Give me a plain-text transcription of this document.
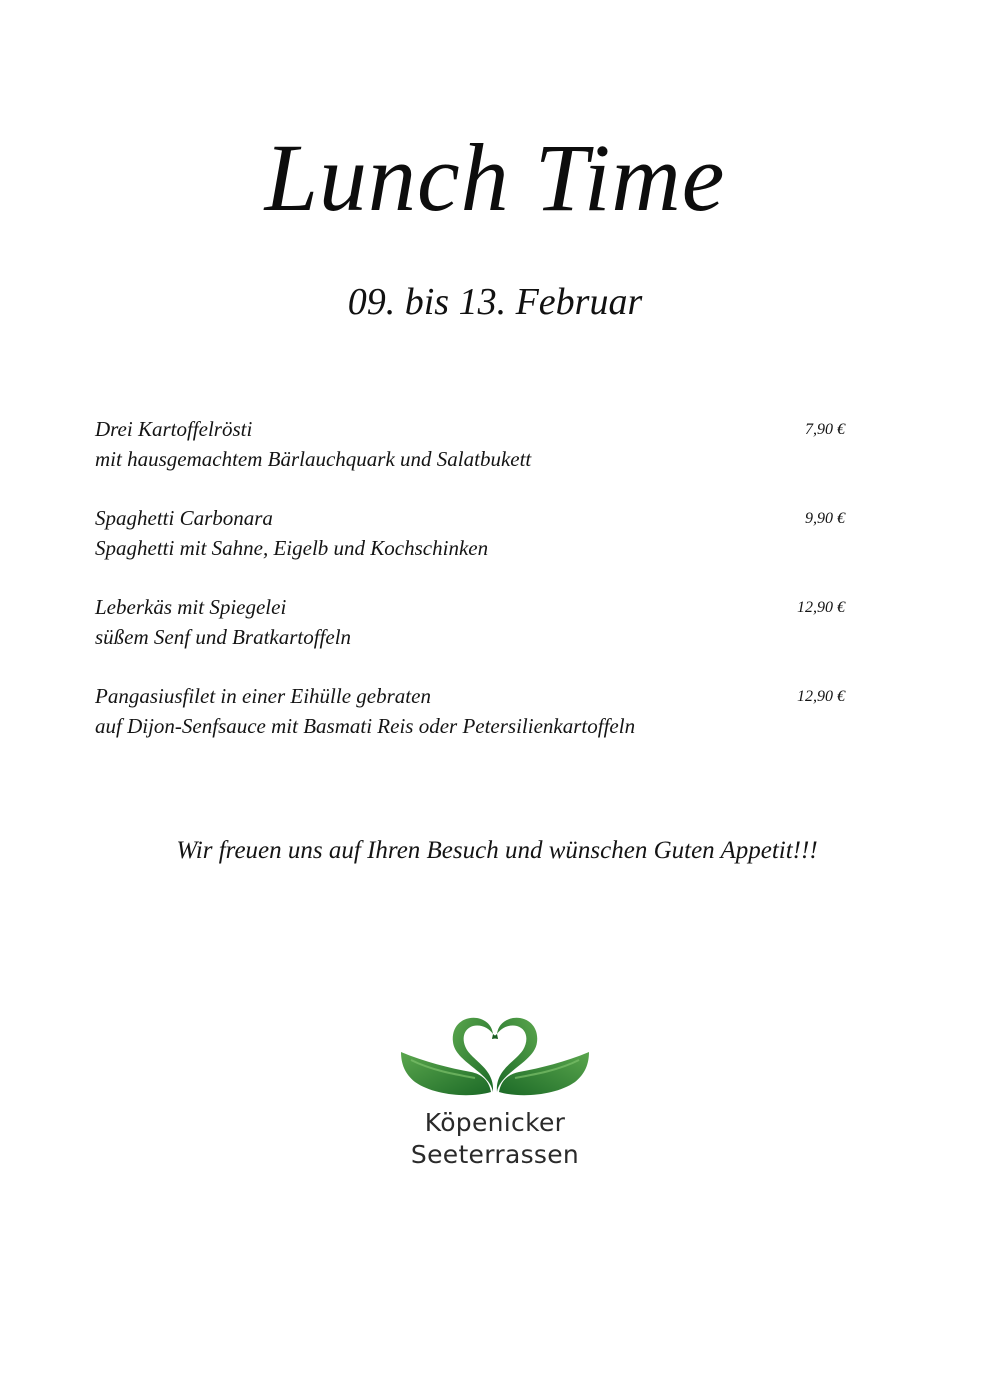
Lunch Time
09. bis 13. Februar
Drei Kartoffelrösti
mit hausgemachtem Bärlauchquark und Salatbukett
7,90 €
Spaghetti Carbonara
Spaghetti mit Sahne, Eigelb und Kochschinken
9,90 €
Leberkäs mit Spiegelei
süßem Senf und Bratkartoffeln
12,90 €
Pangasiusfilet in einer Eihülle gebraten
auf Dijon-Senfsauce mit Basmati Reis oder Petersilienkartoffeln
12,90 €
Wir freuen uns auf Ihren Besuch und wünschen Guten Appetit!!!
Köpenicker
Seeterrassen
